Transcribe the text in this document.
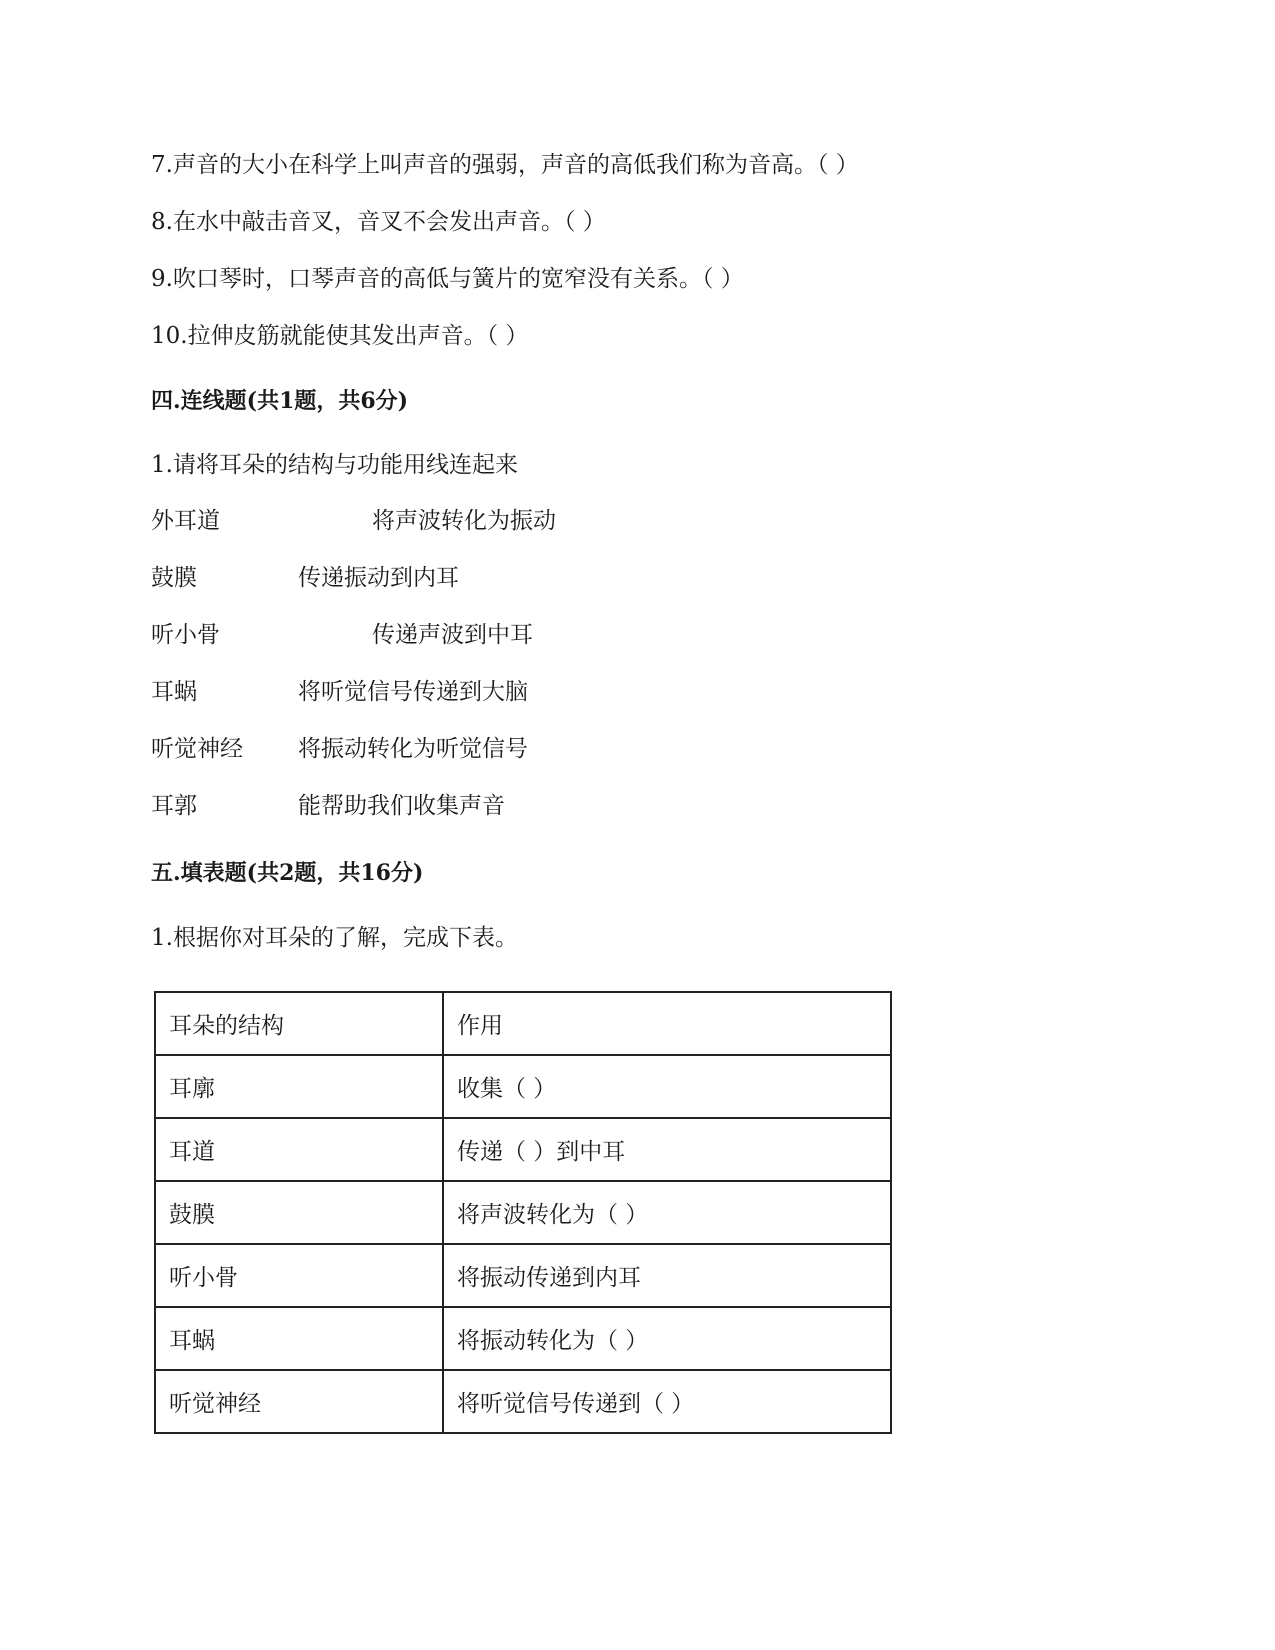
7.声音的大小在科学上叫声音的强弱，声音的高低我们称为音高。（ ）
8.在水中敲击音叉，音叉不会发出声音。（ ）
9.吹口琴时，口琴声音的高低与簧片的宽窄没有关系。（ ）
10.拉伸皮筋就能使其发出声音。（ ）
四.连线题(共1题，共6分)
1.请将耳朵的结构与功能用线连起来
外耳道	将声波转化为振动
鼓膜	传递振动到内耳
听小骨	传递声波到中耳
耳蜗	将听觉信号传递到大脑
听觉神经 将振动转化为听觉信号
耳郭	能帮助我们收集声音
五.填表题(共2题，共16分)
1.根据你对耳朵的了解，完成下表。
耳朵的结构	作用
耳廓	收集（ ）
耳道	传递（ ）到中耳
鼓膜	将声波转化为（ ）
听小骨	将振动传递到内耳
耳蜗	将振动转化为（ ）
听觉神经	将听觉信号传递到（ ）
